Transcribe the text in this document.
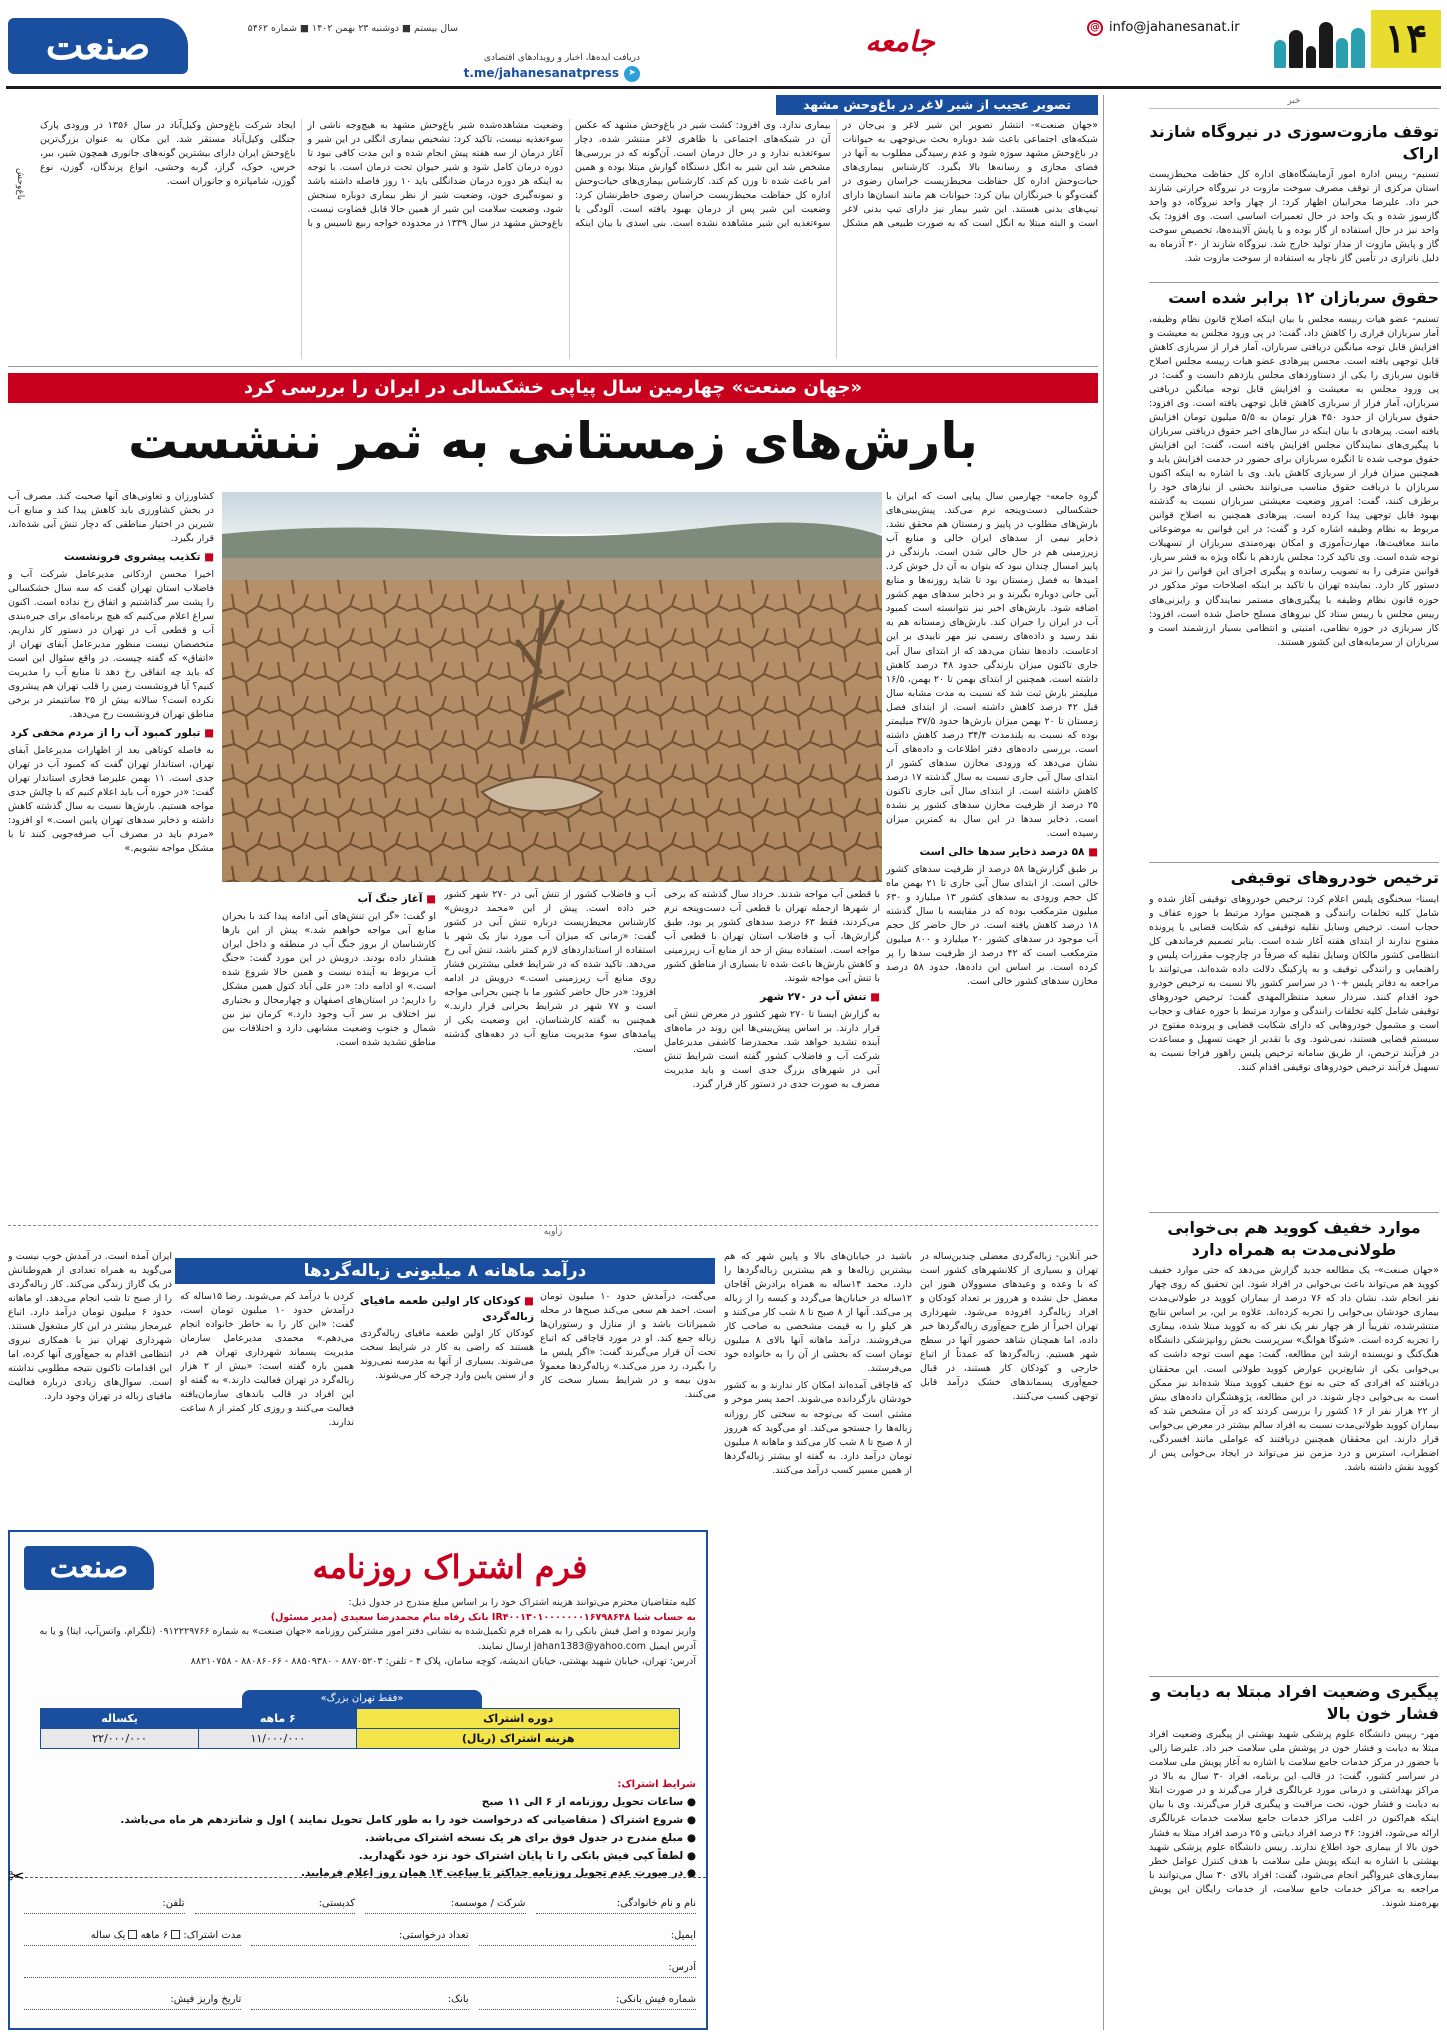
۱۴
@ info@jahanesanat.ir
جامعه
صنعت	سال بیستم ■ دوشنبه ۲۳ بهمن ۱۴۰۲ ■ شماره ۵۴۶۲
دریافت ایده‌ها، اخبار و رویدادهای اقتصادی
t.me/jahanesanatpress	➤
خبر
توقف مازوت‌سوزی در نیروگاه شازند اراک
تسنیم- رییس اداره امور آزمایشگاه‌های اداره کل حفاظت محیط‌زیست استان مرکزی از توقف مصرف سوخت مازوت در نیروگاه حرارتی شازند خبر داد. علیرضا محرابیان اظهار کرد: از چهار واحد نیروگاه، دو واحد گازسوز شده و یک واحد در حال تعمیرات اساسی است. وی افزود: یک واحد نیز در حال استفاده از گاز بوده و با پایش آلاینده‌ها، تخصیص سوخت گاز و پایش مازوت از مدار تولید خارج شد. نیروگاه شازند از ۳۰ آذرماه به دلیل ناترازی در تأمین گاز ناچار به استفاده از سوخت مازوت شد.
حقوق سربازان ۱۲ برابر شده است
تسنیم- عضو هیات رییسه مجلس با بیان اینکه اصلاح قانون نظام وظیفه، آمار سربازان فراری را کاهش داد، گفت: در پی ورود مجلس به معیشت و افزایش قابل توجه میانگین دریافتی سربازان، آمار فرار از سربازی کاهش قابل توجهی یافته است. محسن پیرهادی عضو هیات رییسه مجلس اصلاح قانون سربازی را یکی از دستاوردهای مجلس یازدهم دانست و گفت: در پی ورود مجلس به معیشت و افزایش قابل توجه میانگین دریافتی سربازان، آمار فرار از سربازی کاهش قابل توجهی یافته است. وی افزود: حقوق سربازان از حدود ۴۵۰ هزار تومان به ۵/۵ میلیون تومان افزایش یافته است. پیرهادی با بیان اینکه در سال‌های اخیر حقوق دریافتی سربازان با پیگیری‌های نمایندگان مجلس افزایش یافته است، گفت: این افزایش حقوق موجب شده تا انگیزه سربازان برای حضور در خدمت افزایش یابد و همچنین میزان فرار از سربازی کاهش یابد. وی با اشاره به اینکه اکنون سربازان با دریافت حقوق مناسب می‌توانند بخشی از نیازهای خود را برطرف کنند، گفت: امروز وضعیت معیشتی سربازان نسبت به گذشته بهبود قابل توجهی پیدا کرده است. پیرهادی همچنین به اصلاح قوانین مربوط به نظام وظیفه اشاره کرد و گفت: در این قوانین به موضوعاتی مانند معافیت‌ها، مهارت‌آموزی و امکان بهره‌مندی سربازان از تسهیلات توجه شده است. وی تاکید کرد: مجلس یازدهم با نگاه ویژه به قشر سرباز، قوانین مترقی را به تصویب رسانده و پیگیری اجرای این قوانین را نیز در دستور کار دارد. نماینده تهران با تاکید بر اینکه اصلاحات موثر مذکور در حوزه قانون نظام وظیفه با پیگیری‌های مستمر نمایندگان و رایزنی‌های رییس مجلس با رییس ستاد کل نیروهای مسلح حاصل شده است، افزود: کار سربازی در حوزه نظامی، امنیتی و انتظامی بسیار ارزشمند است و سربازان از سرمایه‌های این کشور هستند.
ترخیص خودروهای توقیفی
ایسنا- سخنگوی پلیس اعلام کرد: ترخیص خودروهای توقیفی آغاز شده و شامل کلیه تخلفات رانندگی و همچنین موارد مرتبط با حوزه عفاف و حجاب است. ترخیص وسایل نقلیه توقیفی که شکایت قضایی یا پرونده مفتوح ندارند از ابتدای هفته آغاز شده است. بنابر تصمیم فرماندهی کل انتظامی کشور مالکان وسایل نقلیه که صرفاً در چارچوب مقررات پلیس و راهنمایی و رانندگی توقیف و به پارکینگ دلالت داده شده‌اند، می‌توانند با مراجعه به دفاتر پلیس +۱۰ در سراسر کشور بالا نسبت به ترخیص خودرو خود اقدام کنند. سردار سعید منتظرالمهدی گفت: ترخیص خودروهای توقیفی شامل کلیه تخلفات رانندگی و موارد مرتبط با حوزه عفاف و حجاب است و مشمول خودروهایی که دارای شکایت قضایی و پرونده مفتوح در سیستم قضایی هستند، نمی‌شود. وی با تقدیر از جهت تسهیل و مساعدت در فرآیند ترخیص، از طریق سامانه ترخیص پلیس راهور فراجا نسبت به تسهیل فرآیند ترخیص خودروهای توقیفی اقدام کنند.
موارد خفیف کووید هم بی‌خوابی طولانی‌مدت به همراه دارد
«جهان صنعت»- یک مطالعه جدید گزارش می‌دهد که حتی موارد خفیف کووید هم می‌تواند باعث بی‌خوابی در افراد شود. این تحقیق که روی چهار نفر انجام شد، نشان داد که ۷۶ درصد از بیماران کووید در طولانی‌مدت بیماری خودشان بی‌خوابی را تجربه کرده‌اند. علاوه بر این، بر اساس نتایج منتشرشده، تقریباً از هر چهار نفر یک نفر که به کووید مبتلا شده، بیماری را تجربه کرده است. «شوگا هوانگ» سرپرست بخش روانپزشکی دانشگاه هنگ‌کنگ و نویسنده ارشد این مطالعه، گفت: مهم است توجه داشت که بی‌خوابی یکی از شایع‌ترین عوارض کووید طولانی است. این محققان دریافتند که افرادی که حتی به نوع خفیف کووید مبتلا شده‌اند نیز ممکن است به بی‌خوابی دچار شوند. در این مطالعه، پژوهشگران داده‌های بیش از ۲۲ هزار نفر از ۱۶ کشور را بررسی کردند که در آن مشخص شد که بیماران کووید طولانی‌مدت نسبت به افراد سالم بیشتر در معرض بی‌خوابی قرار دارند. این محققان همچنین دریافتند که عواملی مانند افسردگی، اضطراب، استرس و درد مزمن نیز می‌تواند در ایجاد بی‌خوابی پس از کووید نقش داشته باشد.
پیگیری وضعیت افراد مبتلا به دیابت و فشار خون بالا
مهر- رییس دانشگاه علوم پزشکی شهید بهشتی از پیگیری وضعیت افراد مبتلا به دیابت و فشار خون در پوشش ملی سلامت خبر داد. علیرضا زالی با حضور در مرکز خدمات جامع سلامت با اشاره به آغاز پویش ملی سلامت در سراسر کشور، گفت: در قالب این برنامه، افراد ۳۰ سال به بالا در مراکز بهداشتی و درمانی مورد غربالگری قرار می‌گیرند و در صورت ابتلا به دیابت و فشار خون، تحت مراقبت و پیگیری قرار می‌گیرند. وی با بیان اینکه هم‌اکنون در اغلب مراکز خدمات جامع سلامت خدمات غربالگری ارائه می‌شود، افزود: ۴۶ درصد افراد دیابتی و ۲۵ درصد افراد مبتلا به فشار خون بالا از بیماری خود اطلاع ندارند. رییس دانشگاه علوم پزشکی شهید بهشتی با اشاره به اینکه پویش ملی سلامت با هدف کنترل عوامل خطر بیماری‌های غیرواگیر انجام می‌شود، گفت: افراد بالای ۳۰ سال می‌توانند با مراجعه به مراکز خدمات جامع سلامت، از خدمات رایگان این پویش بهره‌مند شوند.
تصویر عجیب از شیر لاغر در باغ‌وحش مشهد
«جهان صنعت»- انتشار تصویر این شیر لاغر و بی‌جان در شبکه‌های اجتماعی باعث شد دوباره بحث بی‌توجهی به حیوانات در باغ‌وحش مشهد سوژه شود و عدم رسیدگی مطلوب به آنها در فضای مجازی و رسانه‌ها بالا بگیرد. کارشناس بیماری‌های حیات‌وحش اداره کل حفاظت محیط‌زیست خراسان رضوی در گفت‌وگو با خبرنگاران بیان کرد: حیوانات هم مانند انسان‌ها دارای تیپ‌های بدنی هستند. این شیر بیمار نیز دارای تیپ بدنی لاغر است و البته مبتلا به انگل است که به صورت طبیعی هم مشکل بیماری ندارد. وی افزود: کشت شیر در باغ‌وحش مشهد که عکس آن در شبکه‌های اجتماعی با ظاهری لاغر منتشر شده، دچار سوءتغذیه ندارد و در حال درمان است. آن‌گونه که در بررسی‌ها مشخص شد این شیر به انگل دستگاه گوارش مبتلا بوده و همین امر باعث شده تا وزن کم کند. کارشناس بیماری‌های حیات‌وحش اداره کل حفاظت محیط‌زیست خراسان رضوی خاطرنشان کرد: وضعیت این شیر پس از درمان بهبود یافته است. آلودگی یا سوءتغذیه این شیر مشاهده نشده است. بنی اسدی با بیان اینکه وضعیت مشاهده‌شده شیر باغ‌وحش مشهد به هیچ‌وجه ناشی از سوءتغذیه نیست، تاکید کرد: تشخیص بیماری انگلی در این شیر و آغاز درمان از سه هفته پیش انجام شده و این مدت کافی نبود تا دوره درمان کامل شود و شیر حیوان تحت درمان است. با توجه به اینکه هر دوره درمان ضدانگلی باید ۱۰ روز فاصله داشته باشد و نمونه‌گیری خون، وضعیت شیر از نظر بیماری دوباره سنجش شود، وضعیت سلامت این شیر از همین حالا قابل قضاوت نیست. باغ‌وحش مشهد در سال ۱۳۳۹ در محدوده خواجه ربیع تاسیس و با ایجاد شرکت باغ‌وحش وکیل‌آباد در سال ۱۳۵۶ در ورودی پارک جنگلی وکیل‌آباد مستقر شد. این مکان به عنوان بزرگ‌ترین باغ‌وحش ایران دارای بیشترین گونه‌های جانوری همچون شیر، ببر، خرس، خوک، گراز، گربه وحشی، انواع پرندگان، گوزن، نوع گوزن، شامپانزه و جانوران است.
باغ‌وحش
«جهان صنعت» چهارمین سال پیاپی خشکسالی در ایران را بررسی کرد
بارش‌های زمستانی به ثمر ننشست

گروه جامعه- چهارمین سال پیاپی است که ایران با خشکسالی دست‌وپنجه نرم می‌کند. پیش‌بینی‌های بارش‌های مطلوب در پاییز و زمستان هم محقق نشد. ذخایر نیمی از سدهای ایران خالی و منابع آب زیرزمینی هم در حال خالی شدن است. بارندگی در پاییز امسال چندان نبود که بتوان به آن دل خوش کرد. امیدها به فصل زمستان بود تا شاید روزنه‌ها و منابع آبی جانی دوباره بگیرند و بر ذخایر سدهای مهم کشور اضافه شود. بارش‌های اخیر نیز نتوانسته است کمبود آب در ایران را جبران کند. بارش‌های زمستانه هم به نقد رسید و داده‌های رسمی نیز مهر تاییدی بر این ادعاست. داده‌ها نشان می‌دهد که از ابتدای سال آبی جاری تاکنون میزان بارندگی حدود ۴۸ درصد کاهش داشته است. همچنین از ابتدای بهمن تا ۲۰ بهمن، ۱۶/۵ میلیمتر بارش ثبت شد که نسبت به مدت مشابه سال قبل ۴۲ درصد کاهش داشته است. از ابتدای فصل زمستان تا ۲۰ بهمن میزان بارش‌ها حدود ۳۷/۵ میلیمتر بوده که نسبت به بلندمدت ۳۴/۴ درصد کاهش داشته است. بررسی داده‌های دفتر اطلاعات و داده‌های آب نشان می‌دهد که ورودی مخازن سدهای کشور از ابتدای سال آبی جاری نسبت به سال گذشته ۱۷ درصد کاهش داشته است. از ابتدای سال آبی جاری تاکنون ۲۵ درصد از ظرفیت مخازن سدهای کشور پر نشده است. ذخایر سدها در این سال به کمترین میزان رسیده است.

■ ۵۸ درصد ذخایر سدها خالی است

بر طبق گزارش‌ها ۵۸ درصد از ظرفیت سدهای کشور خالی است. از ابتدای سال آبی جاری تا ۲۱ بهمن ماه کل حجم ورودی به سدهای کشور ۱۳ میلیارد و ۶۳۰ میلیون مترمکعب بوده که در مقایسه با سال گذشته ۱۸ درصد کاهش یافته است. در حال حاضر کل حجم آب موجود در سدهای کشور ۲۰ میلیارد و ۸۰۰ میلیون مترمکعب است که ۴۲ درصد از ظرفیت سدها را پر کرده است. بر اساس این داده‌ها، حدود ۵۸ درصد مخازن سدهای کشور خالی است.

با قطعی آب مواجه شدند. خرداد سال گذشته که برخی از شهرها ازجمله تهران با قطعی آب دست‌وپنجه نرم می‌کردند، فقط ۶۳ درصد سدهای کشور پر بود. طبق گزارش‌ها، آب و فاضلاب استان تهران با قطعی آب مواجه است. استفاده بیش از حد از منابع آب زیرزمینی و کاهش بارش‌ها باعث شده تا بسیاری از مناطق کشور با تنش آبی مواجه شوند.

■ تنش آب در ۲۷۰ شهر

به گزارش ایسنا تا ۲۷۰ شهر کشور در معرض تنش آبی قرار دارند. بر اساس پیش‌بینی‌ها این روند در ماه‌های آینده تشدید خواهد شد. محمدرضا کاشفی مدیرعامل شرکت آب و فاضلاب کشور گفته است شرایط تنش آبی در شهرهای بزرگ جدی است و باید مدیریت مصرف به صورت جدی در دستور کار قرار گیرد.

آب و فاضلاب کشور از تنش آبی در ۲۷۰ شهر کشور خبر داده است. پیش از این «محمد درویش» کارشناس محیط‌زیست درباره تنش آبی در کشور گفت: «زمانی که میزان آب مورد نیاز یک شهر با استفاده از استانداردهای لازم کمتر باشد، تنش آبی رخ می‌دهد. تاکید شده که در شرایط فعلی بیشترین فشار روی منابع آب زیرزمینی است.» درویش در ادامه افزود: «در حال حاضر کشور ما با چنین بحرانی مواجه است و ۷۷ شهر در شرایط بحرانی قرار دارند.» همچنین به گفته کارشناسان، این وضعیت یکی از پیامدهای سوء مدیریت منابع آب در دهه‌های گذشته است.

■ آغاز جنگ آب

او گفت: «گر این تنش‌های آبی ادامه پیدا کند با بحران منابع آبی مواجه خواهیم شد.» پیش از این بارها کارشناسان از بروز جنگ آب در منطقه و داخل ایران هشدار داده بودند. درویش در این مورد گفت: «جنگ آب مربوط به آینده نیست و همین حالا شروع شده است.» او ادامه داد: «در علی آباد کتول همین مشکل را داریم؛ در استان‌های اصفهان و چهارمحال و بختیاری نیز اختلاف بر سر آب وجود دارد.» کرمان نیز بین شمال و جنوب وضعیت مشابهی دارد و اختلافات بین مناطق تشدید شده است.

کشاورزان و تعاونی‌های آنها صحبت کند. مصرف آب در بخش کشاورزی باید کاهش پیدا کند و منابع آب شیرین در اختیار مناطقی که دچار تنش آبی شده‌اند، قرار بگیرد.

■ تکذیب پیشروی فرونشست

اخیرا محسن اردکانی مدیرعامل شرکت آب و فاضلاب استان تهران گفت که سه سال خشکسالی را پشت سر گذاشتیم و اتفاق رخ نداده است. اکنون سراغ اعلام می‌کنیم که هیچ برنامه‌ای برای جیره‌بندی آب و قطعی آب در تهران در دستور کار نداریم. متخصصان نیست منظور مدیرعامل آبفای تهران از «اتفاق» که گفته چیست. در واقع سئوال این است که باید چه اتفاقی رخ دهد تا منابع آب را مدیریت کنیم؟ آیا فرونشست زمین را قلب تهران هم پیشروی نکرده است؟ سالانه بیش از ۲۵ سانتیمتر در برخی مناطق تهران فرونشست رخ می‌دهد.

■ تبلور کمبود آب را از مردم مخفی کرد

به فاصله کوتاهی بعد از اظهارات مدیرعامل آبفای تهران، استاندار تهران گفت که کمبود آب در تهران جدی است. ۱۱ بهمن علیرضا فخاری استاندار تهران گفت: «در حوزه آب باید اعلام کنیم که با چالش جدی مواجه هستیم. بارش‌ها نسبت به سال گذشته کاهش داشته و ذخایر سدهای تهران پایین است.» او افزود: «مردم باید در مصرف آب صرفه‌جویی کنند تا با مشکل مواجه نشویم.»

زاویه
درآمد ماهانه ۸ میلیونی زباله‌گردها

خبر آنلاین- زباله‌گردی معضلی چندین‌ساله در تهران و بسیاری از کلانشهرهای کشور است که با وعده و وعیدهای مسوولان هنوز این معضل حل نشده و هرروز بر تعداد کودکان و افراد زباله‌گرد افزوده می‌شود. شهرداری تهران اخیراً از طرح جمع‌آوری زباله‌گردها خبر داده، اما همچنان شاهد حضور آنها در سطح شهر هستیم. زباله‌گردها که عمدتاً از اتباع خارجی و کودکان کار هستند، در قبال جمع‌آوری پسماندهای خشک درآمد قابل توجهی کسب می‌کنند.

باشید در خیابان‌های بالا و پایین شهر که هم بیشترین زباله‌ها و هم بیشترین زباله‌گردها را دارد. محمد ۱۴ساله به همراه برادرش آقاجان ۱۲ساله در خیابان‌ها می‌گردد و کیسه را از زباله پر می‌کند. آنها از ۸ صبح تا ۸ شب کار می‌کنند و هر کیلو را به قیمت مشخصی به صاحب کار می‌فروشند. درآمد ماهانه آنها بالای ۸ میلیون تومان است که بخشی از آن را به خانواده خود می‌فرستند.

که قاچاقی آمده‌اند امکان کار ندارند و به کشور خودشان بازگردانده می‌شوند. احمد پسر موخر و مشتی است که بی‌توجه به سختی کار روزانه زباله‌ها را جستجو می‌کند. او می‌گوید که هرروز از ۸ صبح تا ۸ شب کار می‌کند و ماهانه ۸ میلیون تومان درآمد دارد. به گفته او بیشتر زباله‌گردها از همین مسیر کسب درآمد می‌کنند.

می‌گفت، درآمدش حدود ۱۰ میلیون تومان است. احمد هم سعی می‌کند صبح‌ها در محله شمیرانات باشد و از منازل و رستوران‌ها زباله جمع کند. او در مورد قاچاقی که اتباع تحت آن قرار می‌گیرند گفت: «اگر پلیس ما را بگیرد، رد مرز می‌کند.» زباله‌گردها معمولاً بدون بیمه و در شرایط بسیار سخت کار می‌کنند.

■ کودکان کار اولین طعمه مافیای زباله‌گردی

کودکان کار اولین طعمه مافیای زباله‌گردی هستند که راضی به کار در شرایط سخت می‌شوند. بسیاری از آنها به مدرسه نمی‌روند و از سنین پایین وارد چرخه کار می‌شوند.

کردن با درآمد کم می‌شوند. رضا ۱۵ساله که درآمدش حدود ۱۰ میلیون تومان است، گفت: «این کار را به خاطر خانواده انجام می‌دهم.» محمدی مدیرعامل سازمان مدیریت پسماند شهرداری تهران هم در همین باره گفته است: «بیش از ۲ هزار زباله‌گرد در تهران فعالیت دارند.» به گفته او این افراد در قالب باندهای سازمان‌یافته فعالیت می‌کنند و روزی کار کمتر از ۸ ساعت ندارند.

ایران آمده است. در آمدش خوب نیست و می‌گوید به همراه تعدادی از هم‌وطنانش در یک گاراژ زندگی می‌کند. کار زباله‌گردی را از صبح تا شب انجام می‌دهد. او ماهانه حدود ۶ میلیون تومان درآمد دارد. اتباع غیرمجاز بیشتر در این کار مشغول هستند. شهرداری تهران نیز با همکاری نیروی انتظامی اقدام به جمع‌آوری آنها کرده، اما این اقدامات تاکنون نتیجه مطلوبی نداشته است. سوال‌های زیادی درباره فعالیت مافیای زباله در تهران وجود دارد.

صنعت	فرم اشتراک روزنامه
کلیه متقاضیان محترم می‌توانند هزینه اشتراک خود را بر اساس مبلغ مندرج در جدول ذیل:
به حساب شبا IR۴۰۰۱۳۰۱۰۰۰۰۰۰۰۱۶۷۹۸۶۴۸ بانک رفاه بنام محمدرضا سعیدی (مدیر مسئول)
واریز نموده و اصل فیش بانکی را به همراه فرم تکمیل‌شده به نشانی دفتر امور مشترکین روزنامه «جهان صنعت» به شماره ۰۹۱۲۲۲۹۷۶۶ (تلگرام، واتس‌آپ، ایتا) و یا به آدرس ایمیل jahan1383@yahoo.com ارسال نمایند.
آدرس: تهران، خیابان شهید بهشتی، خیابان اندیشه، کوچه سامان، پلاک ۴ - تلفن: ۸۸۷۰۵۲۰۳ - ۸۸۵۰۹۳۸۰ - ۸۸۰۸۶۰۶۶ - ۸۸۲۱۰۷۵۸
«فقط تهران بزرگ»
دوره اشتراک	۶ ماهه	یکساله
هزینه اشتراک (ریال)	۱۱/۰۰۰/۰۰۰	۲۲/۰۰۰/۰۰۰
شرایط اشتراک:
● ساعات تحویل روزنامه از ۶ الی ۱۱ صبح
● شروع اشتراک ( متقاضیانی که درخواست خود را به طور کامل تحویل نمایند ) اول و شانزدهم هر ماه می‌باشد.
● مبلغ مندرج در جدول فوق برای هر یک نسخه اشتراک می‌باشد.
● لطفاً کپی فیش بانکی را تا پایان اشتراک خود نزد خود نگهدارید.
● در صورت عدم تحویل روزنامه حداکثر تا ساعت ۱۴ همان روز اعلام فرمایید.
✂
نام و نام خانوادگی:
شرکت / موسسه:
کدپستی:
تلفن:
ایمیل:
تعداد درخواستی:
مدت اشتراک: ۶ ماهه یک ساله
آدرس:
شماره فیش بانکی:
بانک:
تاریخ واریز فیش:
